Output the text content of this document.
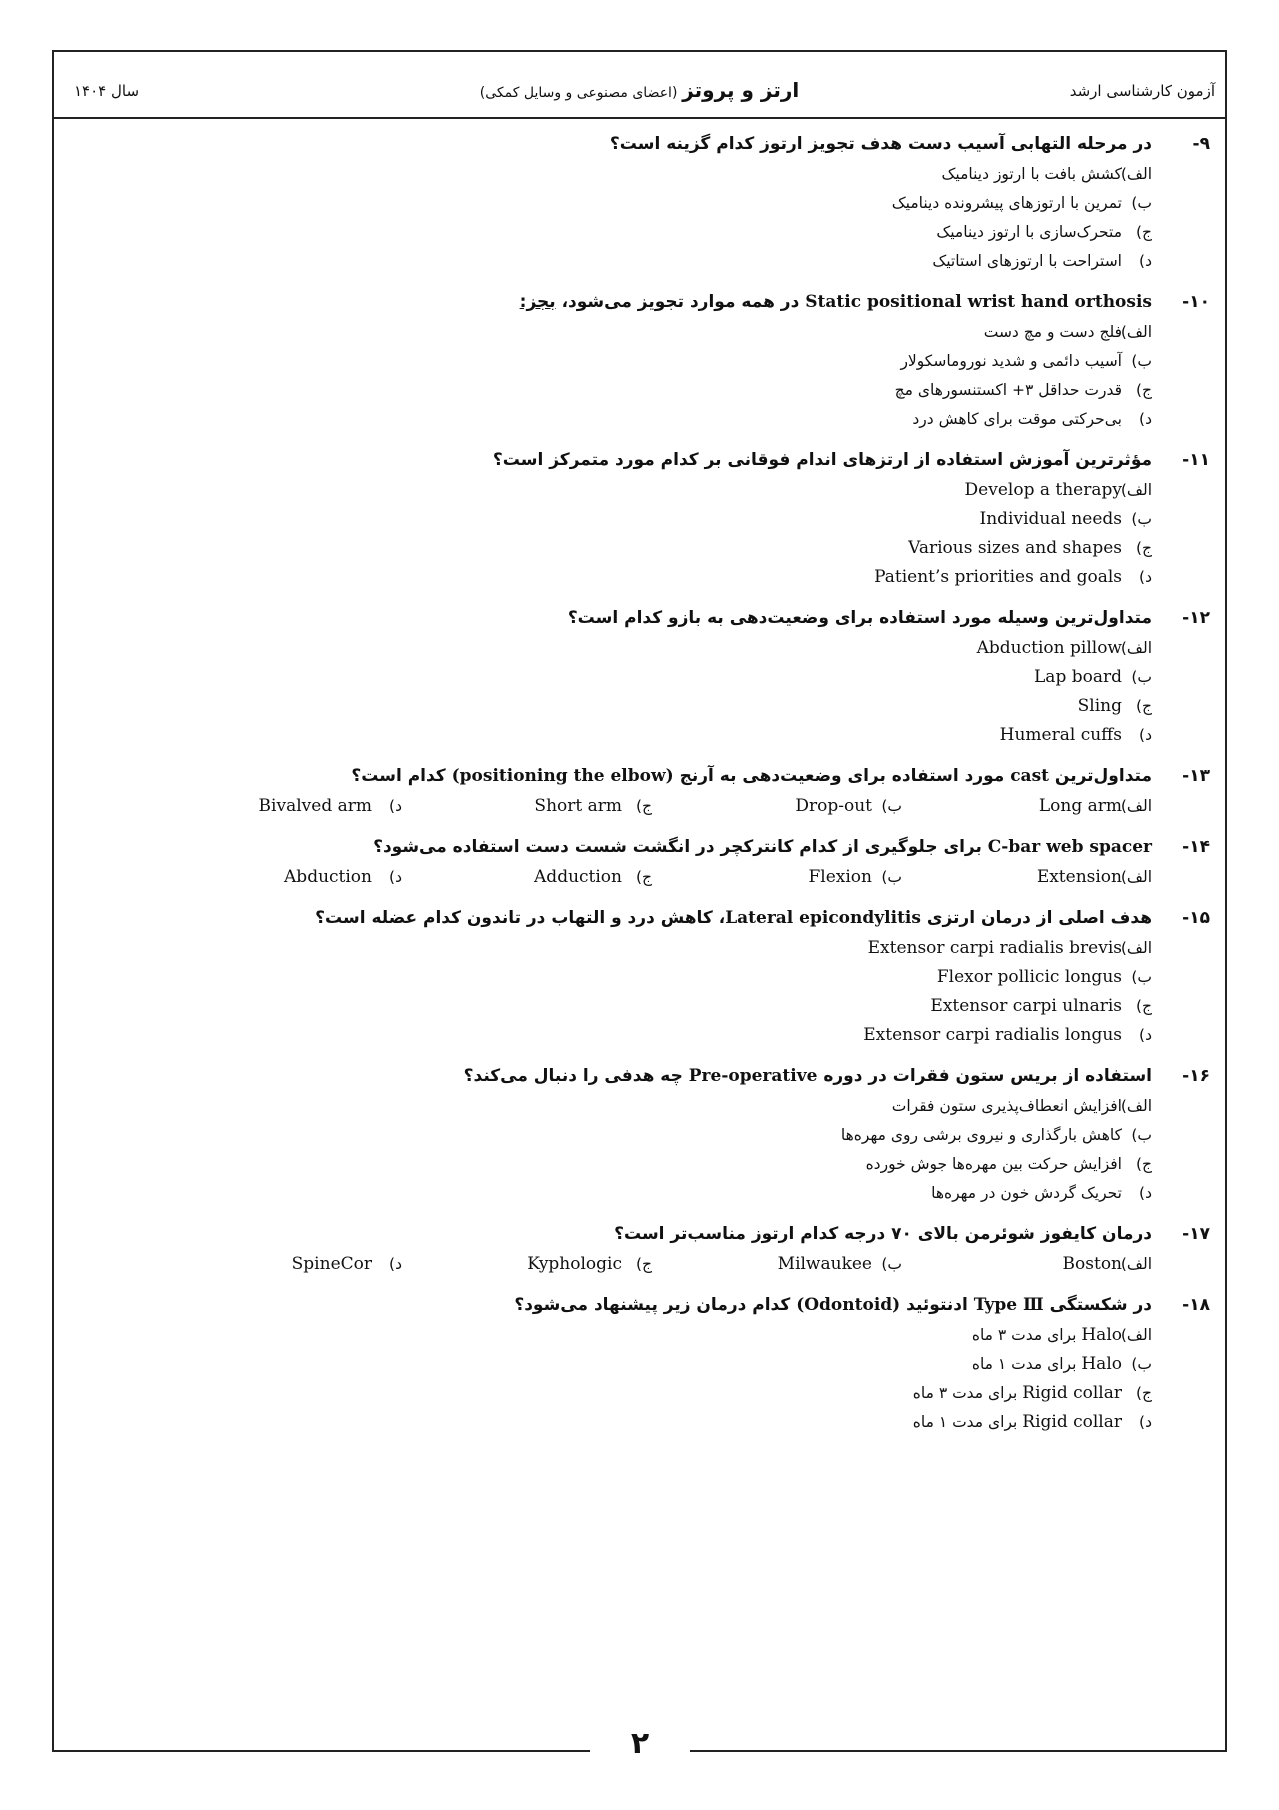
آزمون کارشناسی ارشد
ارتز و پروتز (اعضای مصنوعی و وسایل کمکی)
سال ۱۴۰۴
۹-
در مرحله التهابی آسیب دست هدف تجویز ارتوز کدام گزینه است؟
الف)
کشش بافت با ارتوز دینامیک
ب)
تمرین با ارتوزهای پیشرونده دینامیک
ج)
متحرک‌سازی با ارتوز دینامیک
د)
استراحت با ارتوزهای استاتیک
۱۰-
Static positional wrist hand orthosis در همه موارد تجویز می‌شود، بجز:
الف)
فلج دست و مچ دست
ب)
آسیب دائمی و شدید نوروماسکولار
ج)
قدرت حداقل ۳+ اکستنسورهای مچ
د)
بی‌حرکتی موقت برای کاهش درد
۱۱-
مؤثرترین آموزش استفاده از ارتزهای اندام فوقانی بر کدام مورد متمرکز است؟
الف)
Develop a therapy
ب)
Individual needs
ج)
Various sizes and shapes
د)
Patient’s priorities and goals
۱۲-
متداول‌ترین وسیله مورد استفاده برای وضعیت‌دهی به بازو کدام است؟
الف)
Abduction pillow
ب)
Lap board
ج)
Sling
د)
Humeral cuffs
۱۳-
متداول‌ترین cast مورد استفاده برای وضعیت‌دهی به آرنج (positioning the elbow) کدام است؟
الف)
Long arm
ب)
Drop-out
ج)
Short arm
د)
Bivalved arm
۱۴-
C-bar web spacer برای جلوگیری از کدام کانترکچر در انگشت شست دست استفاده می‌شود؟
الف)
Extension
ب)
Flexion
ج)
Adduction
د)
Abduction
۱۵-
هدف اصلی از درمان ارتزی Lateral epicondylitis، کاهش درد و التهاب در تاندون کدام عضله است؟
الف)
Extensor carpi radialis brevis
ب)
Flexor pollicic longus
ج)
Extensor carpi ulnaris
د)
Extensor carpi radialis longus
۱۶-
استفاده از بریس ستون فقرات در دوره Pre-operative چه هدفی را دنبال می‌کند؟
الف)
افزایش انعطاف‌پذیری ستون فقرات
ب)
کاهش بارگذاری و نیروی برشی روی مهره‌ها
ج)
افزایش حرکت بین مهره‌ها جوش خورده
د)
تحریک گردش خون در مهره‌ها
۱۷-
درمان کایفوز شوئرمن بالای ۷۰ درجه کدام ارتوز مناسب‌تر است؟
الف)
Boston
ب)
Milwaukee
ج)
Kyphologic
د)
SpineCor
۱۸-
در شکستگی Type Ⅲ ادنتوئید (Odontoid) کدام درمان زیر پیشنهاد می‌شود؟
الف)
Halo برای مدت ۳ ماه
ب)
Halo برای مدت ۱ ماه
ج)
Rigid collar برای مدت ۳ ماه
د)
Rigid collar برای مدت ۱ ماه
۲
